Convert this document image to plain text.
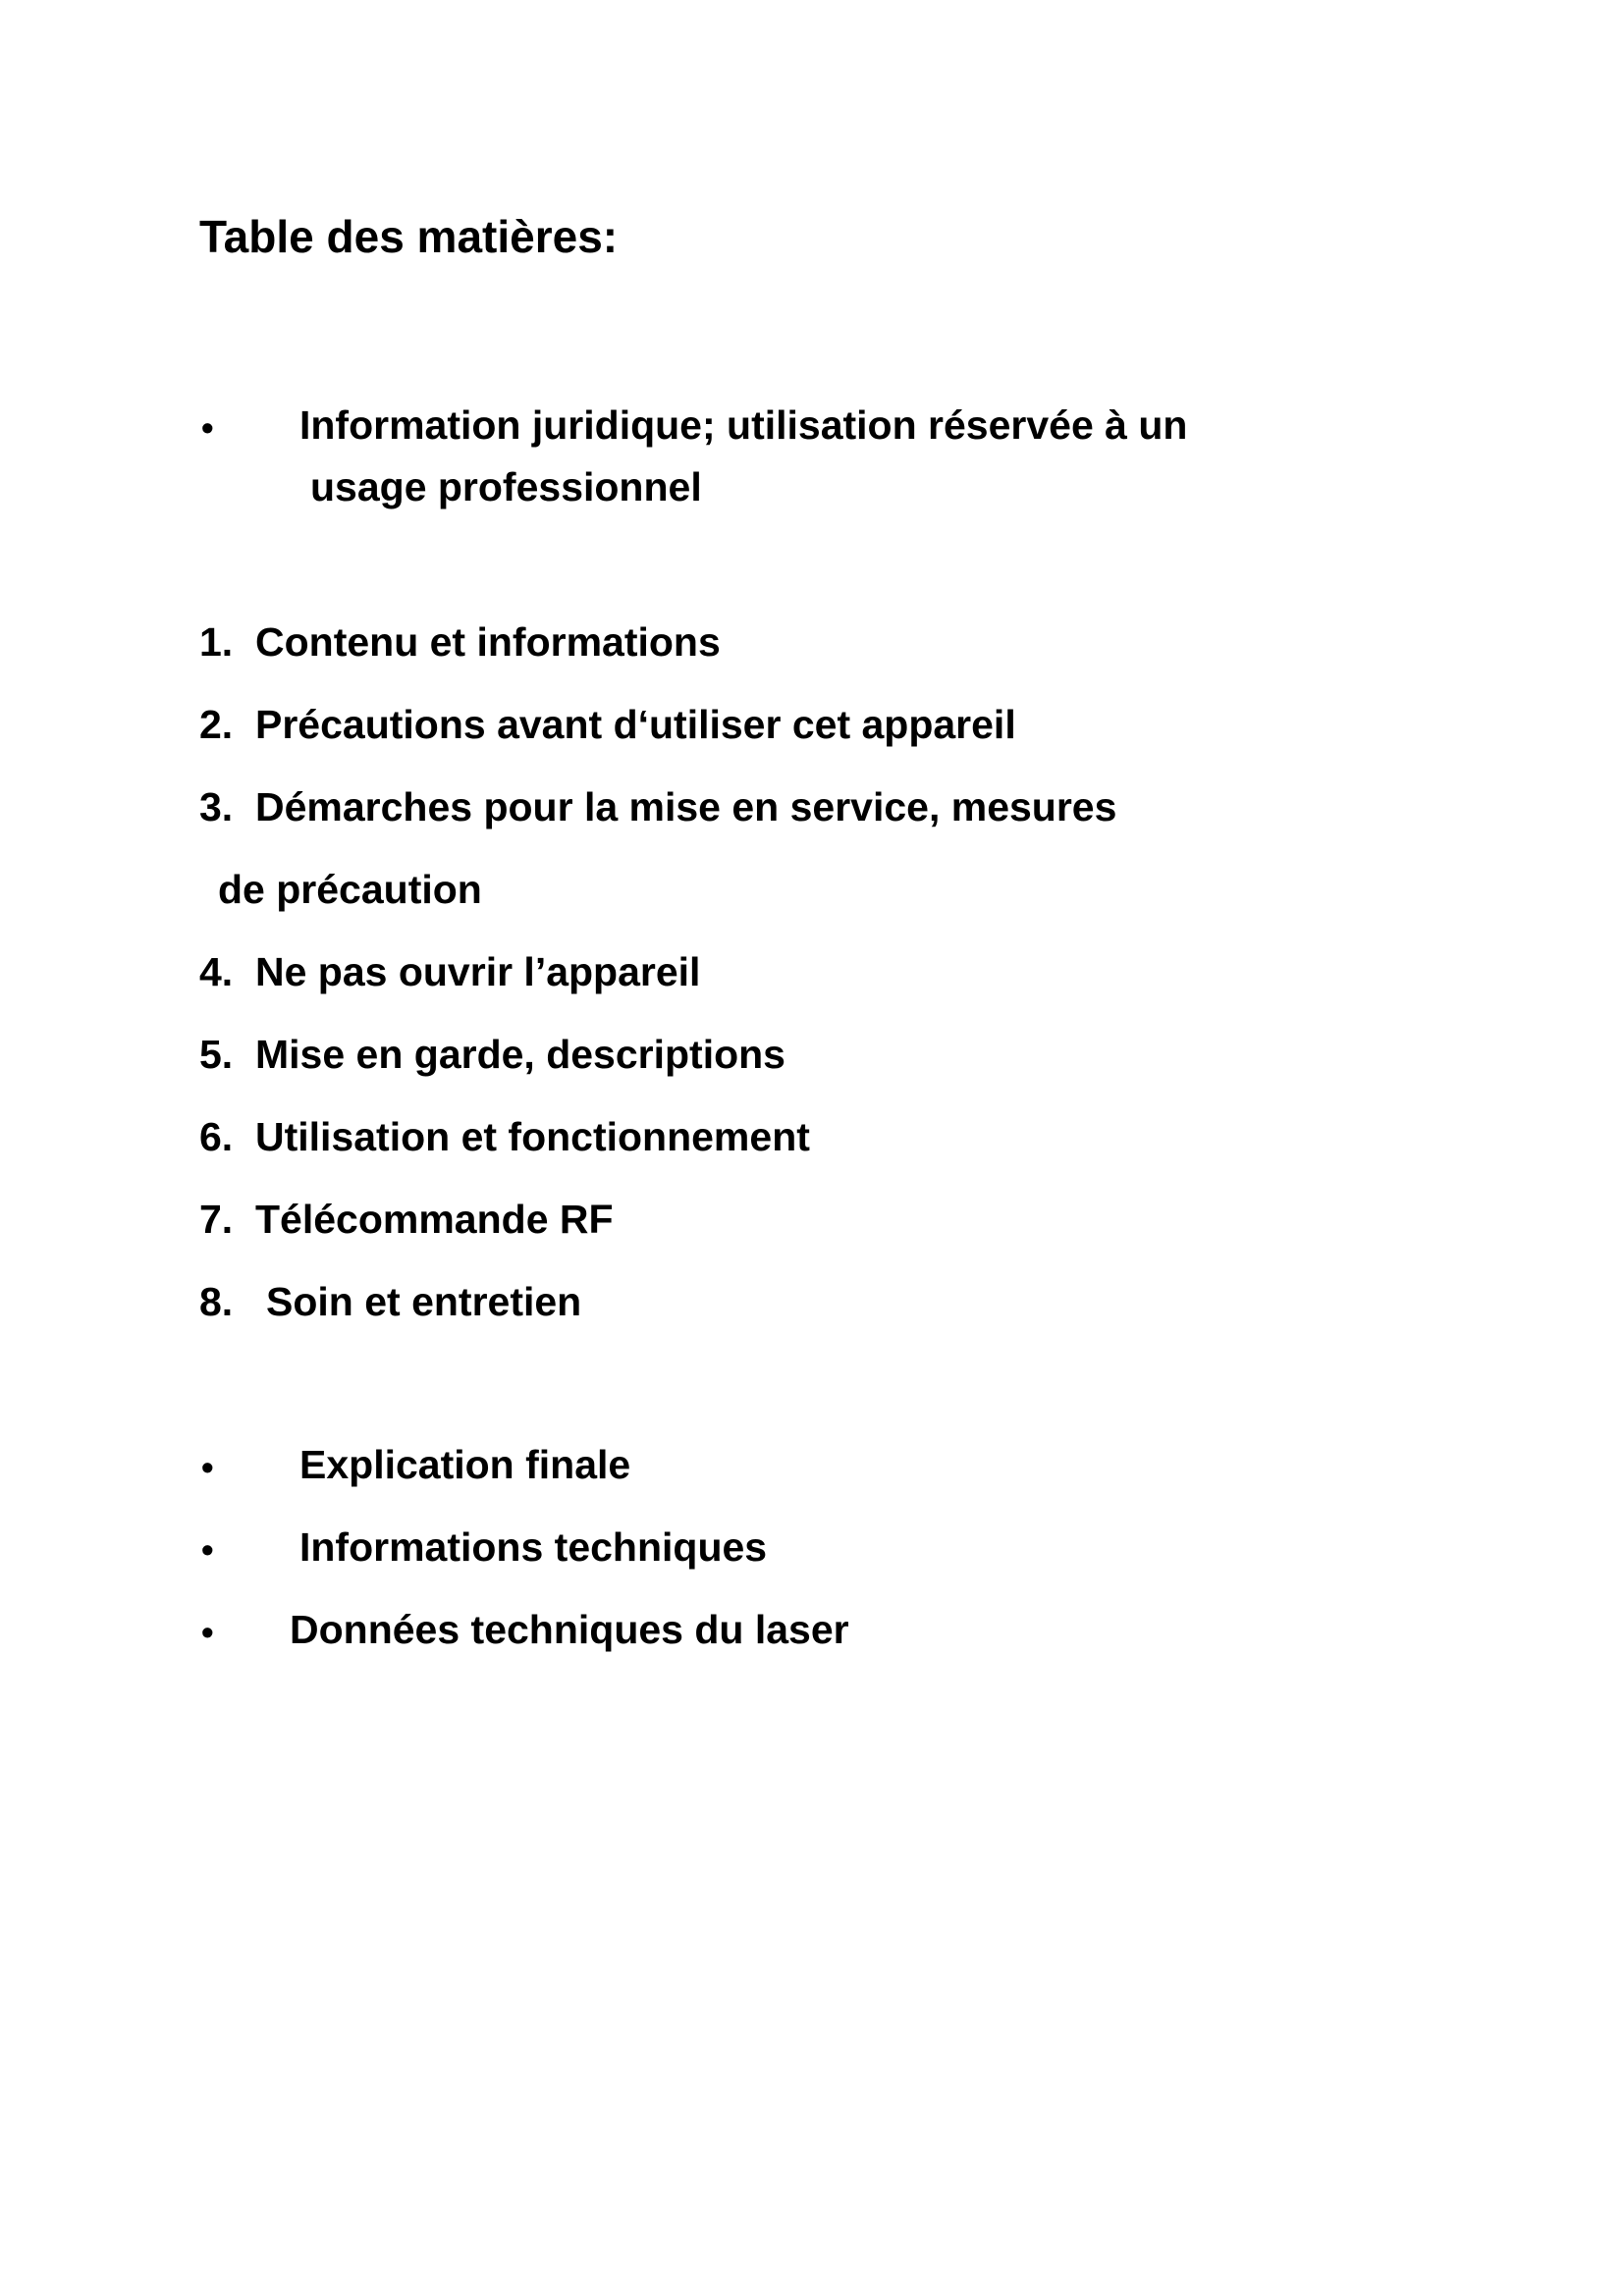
Table des matières:
• Information juridique; utilisation réservée à un
usage professionnel
1. Contenu et informations
2. Précautions avant d‘utiliser cet appareil
3. Démarches pour la mise en service, mesures
de précaution
4. Ne pas ouvrir l’appareil
5. Mise en garde, descriptions
6. Utilisation et fonctionnement
7. Télécommande RF
8. Soin et entretien
• Explication finale
• Informations techniques
• Données techniques du laser
